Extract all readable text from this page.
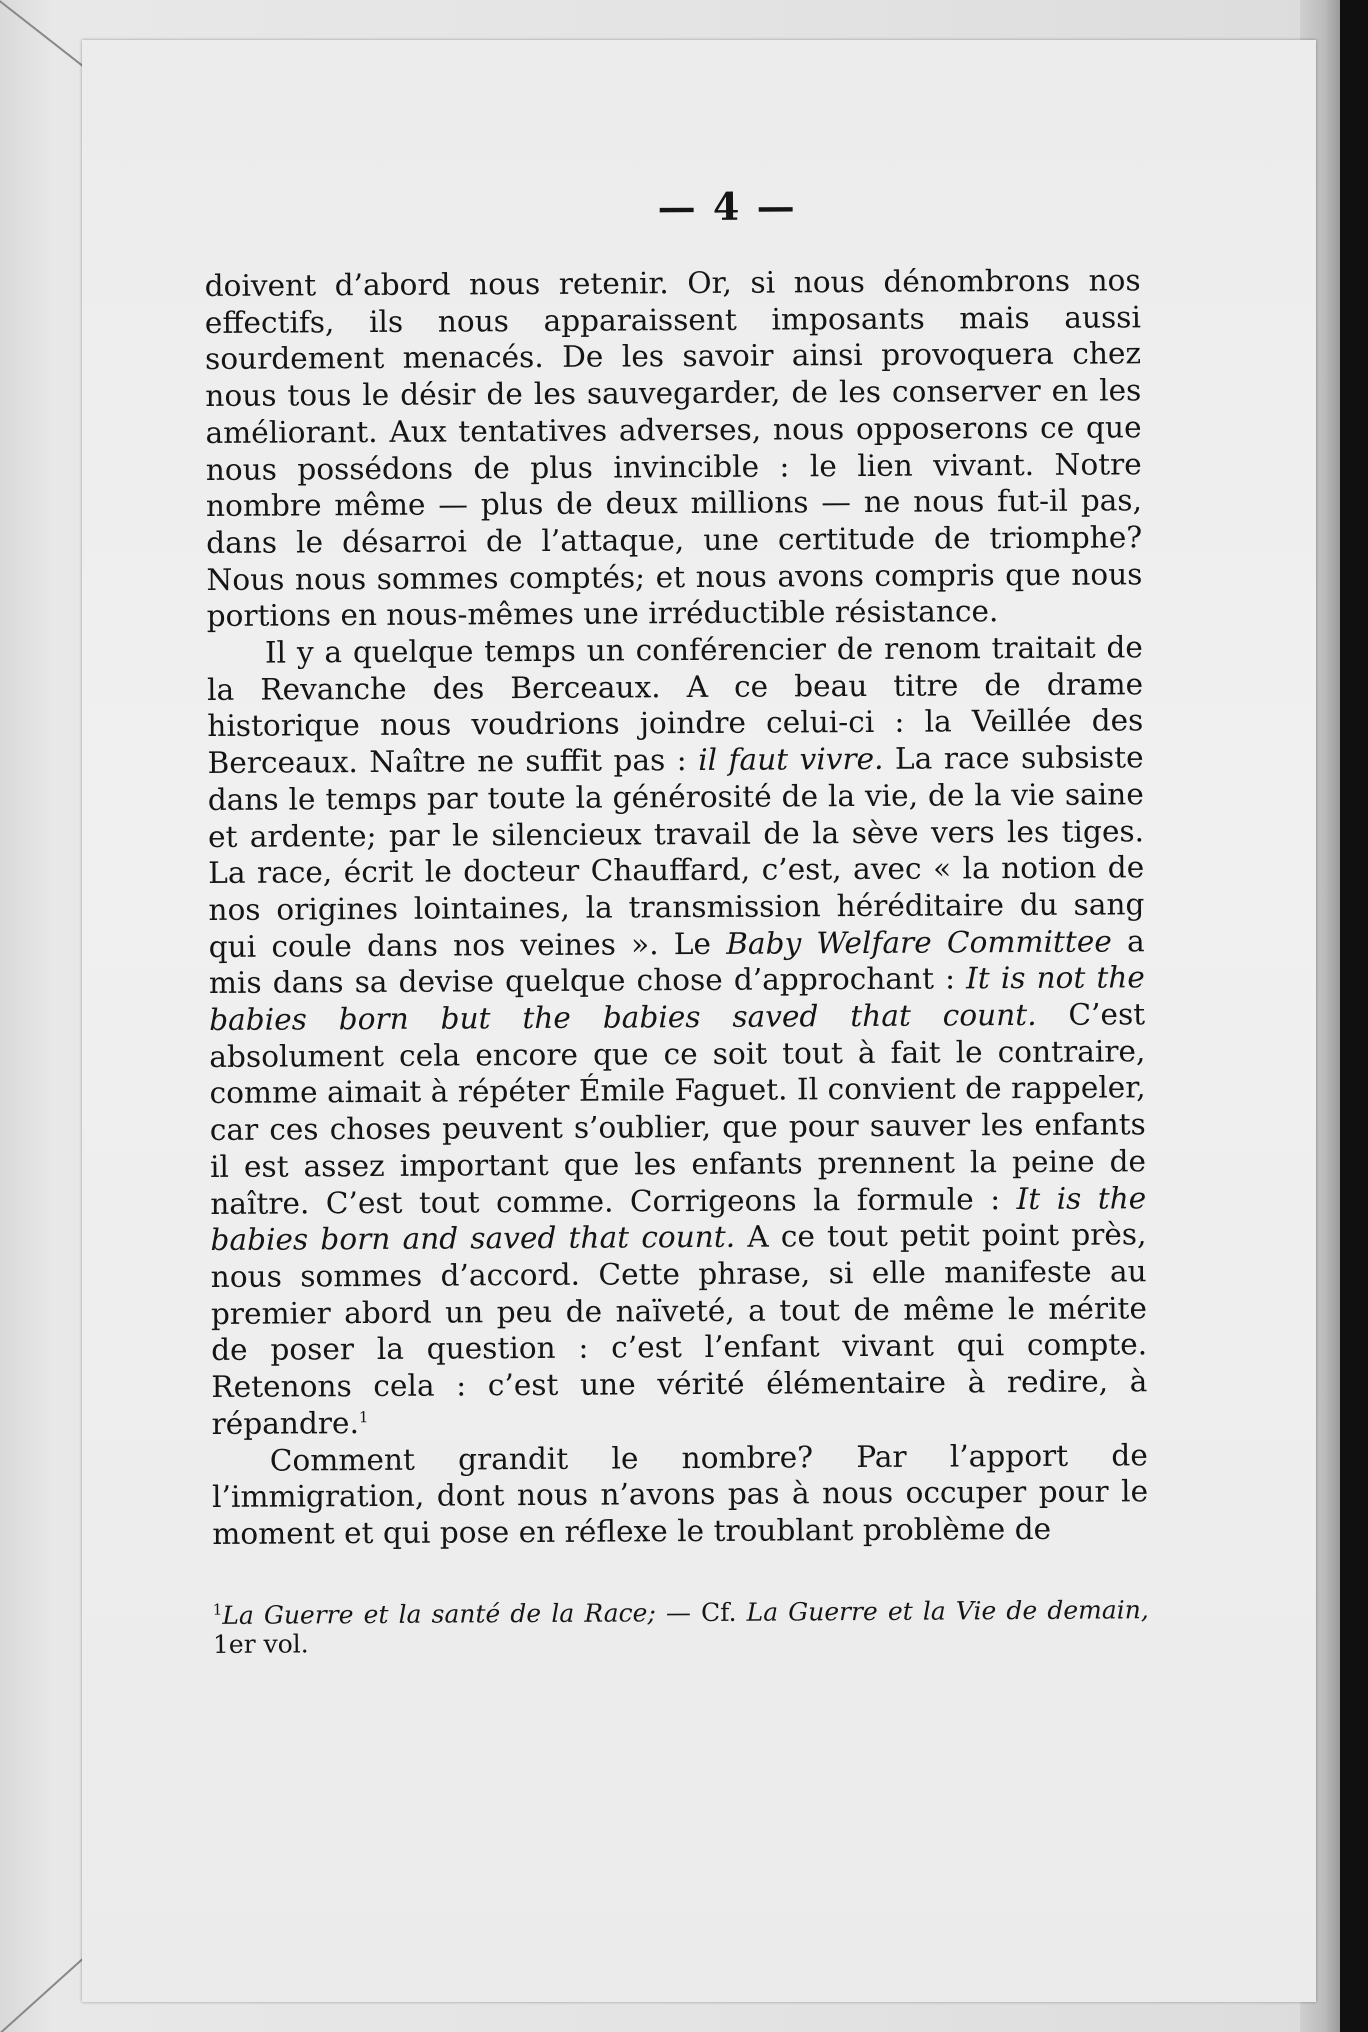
— 4 —

doivent d’abord nous retenir. Or, si nous dénombrons nos effectifs, ils nous apparaissent imposants mais aussi sourdement menacés. De les savoir ainsi provoquera chez nous tous le désir de les sauvegarder, de les conserver en les améliorant. Aux tentatives adverses, nous opposerons ce que nous possédons de plus invincible : le lien vivant. Notre nombre même — plus de deux millions — ne nous fut-il pas, dans le désarroi de l’attaque, une certitude de triomphe? Nous nous sommes comptés; et nous avons compris que nous portions en nous-mêmes une irréductible résistance.

Il y a quelque temps un conférencier de renom traitait de la Revanche des Berceaux. A ce beau titre de drame historique nous voudrions joindre celui-ci : la Veillée des Berceaux. Naître ne suffit pas : il faut vivre. La race subsiste dans le temps par toute la générosité de la vie, de la vie saine et ardente; par le silencieux travail de la sève vers les tiges. La race, écrit le docteur Chauffard, c’est, avec « la notion de nos origines lointaines, la transmission héréditaire du sang qui coule dans nos veines ». Le Baby Welfare Committee a mis dans sa devise quelque chose d’approchant : It is not the babies born but the babies saved that count. C’est absolument cela encore que ce soit tout à fait le contraire, comme aimait à répéter Émile Faguet. Il convient de rappeler, car ces choses peuvent s’oublier, que pour sauver les enfants il est assez important que les enfants prennent la peine de naître. C’est tout comme. Corrigeons la formule : It is the babies born and saved that count. A ce tout petit point près, nous sommes d’accord. Cette phrase, si elle manifeste au premier abord un peu de naïveté, a tout de même le mérite de poser la question : c’est l’enfant vivant qui compte. Retenons cela : c’est une vérité élémentaire à redire, à répandre.$^1$

Comment grandit le nombre? Par l’apport de l’immigration, dont nous n’avons pas à nous occuper pour le moment et qui pose en réflexe le troublant problème de

$^1$La Guerre et la santé de la Race; — Cf. La Guerre et la Vie de demain, 1er vol.
